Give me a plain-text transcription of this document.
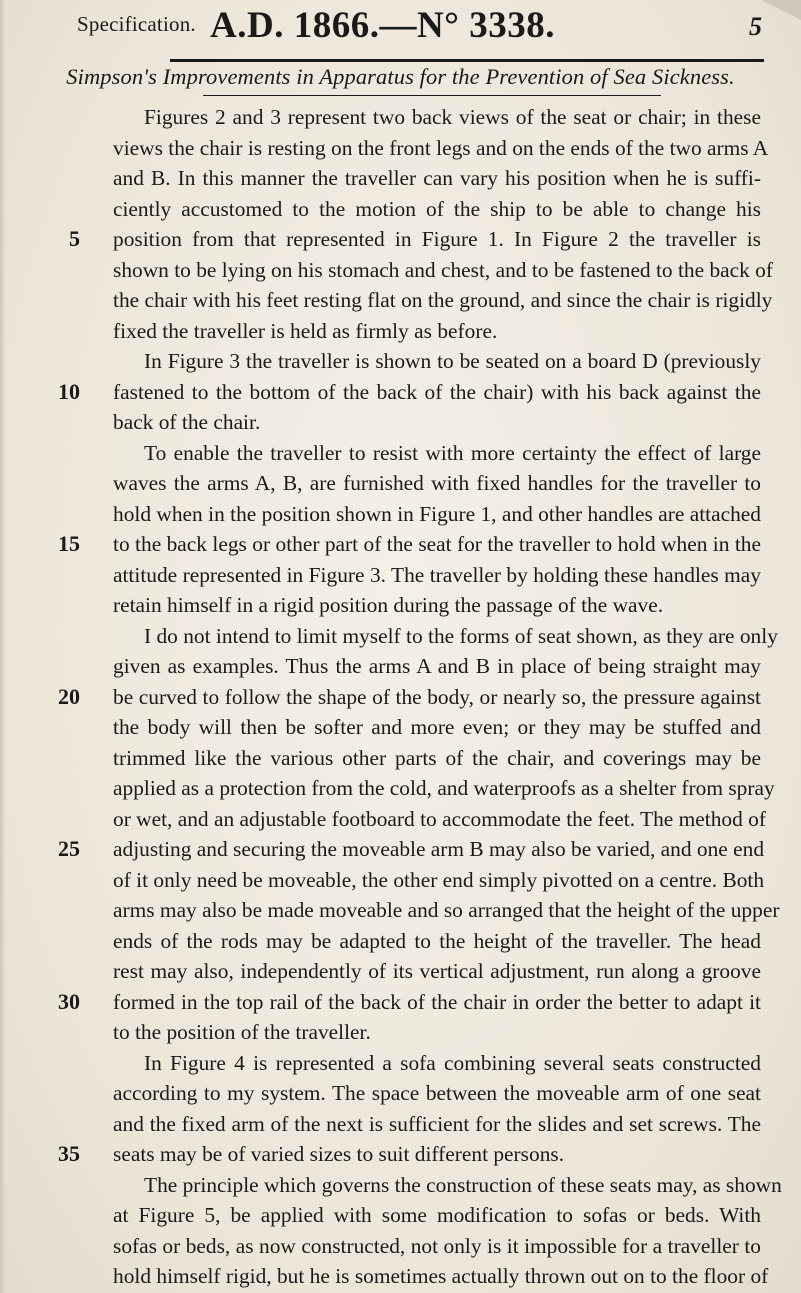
Specification. A.D. 1866.—N° 3338.	5
Simpson's Improvements in Apparatus for the Prevention of Sea Sickness.
Figures 2 and 3 represent two back views of the seat or chair; in these
views the chair is resting on the front legs and on the ends of the two arms A
and B. In this manner the traveller can vary his position when he is suffi-
ciently accustomed to the motion of the ship to be able to change his
5 position from that represented in Figure 1. In Figure 2 the traveller is
shown to be lying on his stomach and chest, and to be fastened to the back of
the chair with his feet resting flat on the ground, and since the chair is rigidly
fixed the traveller is held as firmly as before.
In Figure 3 the traveller is shown to be seated on a board D (previously
10 fastened to the bottom of the back of the chair) with his back against the
back of the chair.
To enable the traveller to resist with more certainty the effect of large
waves the arms A, B, are furnished with fixed handles for the traveller to
hold when in the position shown in Figure 1, and other handles are attached
15 to the back legs or other part of the seat for the traveller to hold when in the
attitude represented in Figure 3. The traveller by holding these handles may
retain himself in a rigid position during the passage of the wave.
I do not intend to limit myself to the forms of seat shown, as they are only
given as examples. Thus the arms A and B in place of being straight may
20 be curved to follow the shape of the body, or nearly so, the pressure against
the body will then be softer and more even; or they may be stuffed and
trimmed like the various other parts of the chair, and coverings may be
applied as a protection from the cold, and waterproofs as a shelter from spray
or wet, and an adjustable footboard to accommodate the feet. The method of
25 adjusting and securing the moveable arm B may also be varied, and one end
of it only need be moveable, the other end simply pivotted on a centre. Both
arms may also be made moveable and so arranged that the height of the upper
ends of the rods may be adapted to the height of the traveller. The head
rest may also, independently of its vertical adjustment, run along a groove
30 formed in the top rail of the back of the chair in order the better to adapt it
to the position of the traveller.
In Figure 4 is represented a sofa combining several seats constructed
according to my system. The space between the moveable arm of one seat
and the fixed arm of the next is sufficient for the slides and set screws. The
35 seats may be of varied sizes to suit different persons.
The principle which governs the construction of these seats may, as shown
at Figure 5, be applied with some modification to sofas or beds. With
sofas or beds, as now constructed, not only is it impossible for a traveller to
hold himself rigid, but he is sometimes actually thrown out on to the floor of
